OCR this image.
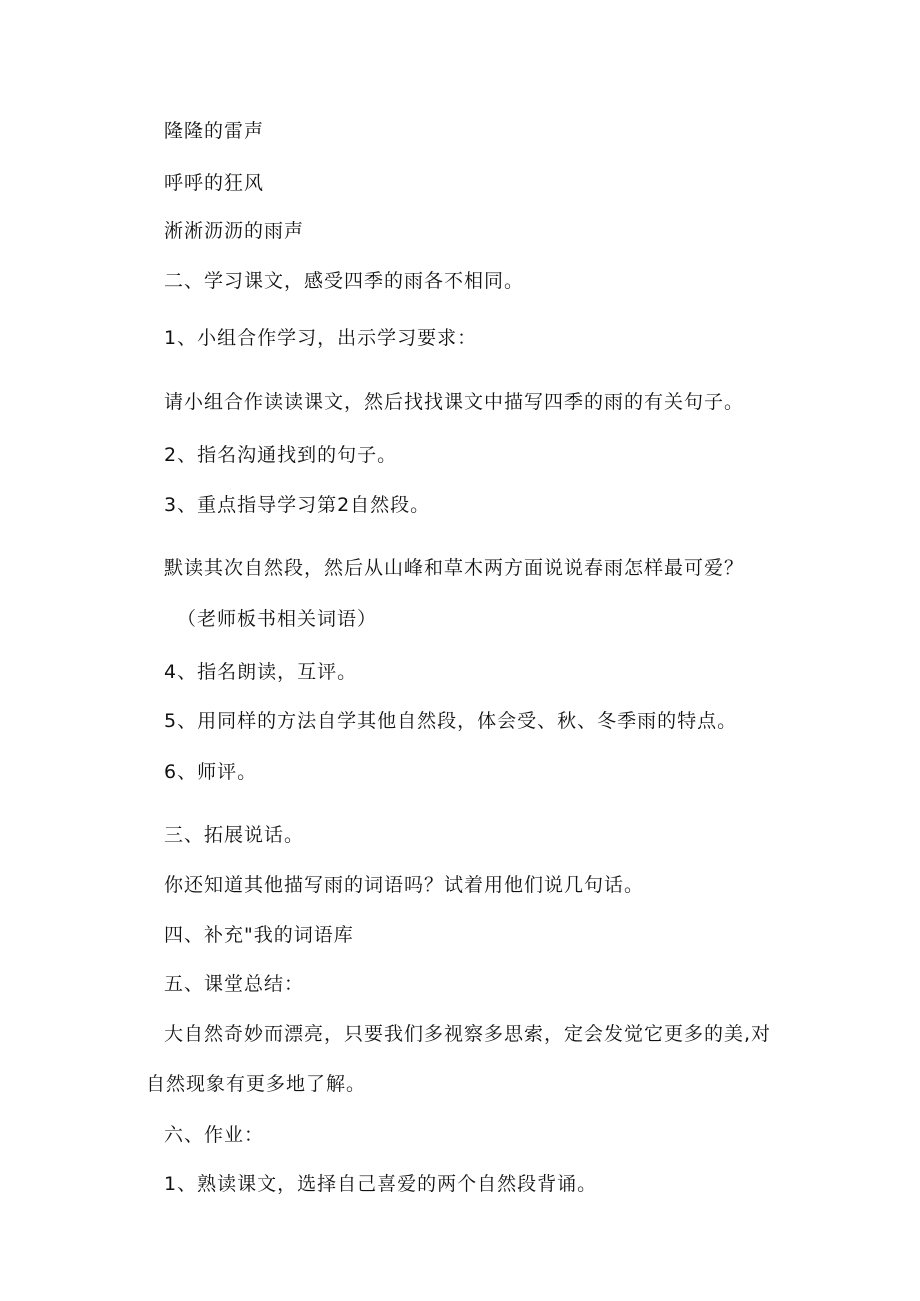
隆隆的雷声
呼呼的狂风
淅淅沥沥的雨声
二、学习课文，感受四季的雨各不相同。
1、小组合作学习，出示学习要求：
请小组合作读读课文，然后找找课文中描写四季的雨的有关句子。
2、指名沟通找到的句子。
3、重点指导学习第2自然段。
默读其次自然段，然后从山峰和草木两方面说说春雨怎样最可爱？
（老师板书相关词语）
4、指名朗读，互评。
5、用同样的方法自学其他自然段，体会受、秋、冬季雨的特点。
6、师评。
三、拓展说话。
你还知道其他描写雨的词语吗？试着用他们说几句话。
四、补充"我的词语库
五、课堂总结：
大自然奇妙而漂亮，只要我们多视察多思索，定会发觉它更多的美,对
自然现象有更多地了解。
六、作业：
1、熟读课文，选择自己喜爱的两个自然段背诵。
